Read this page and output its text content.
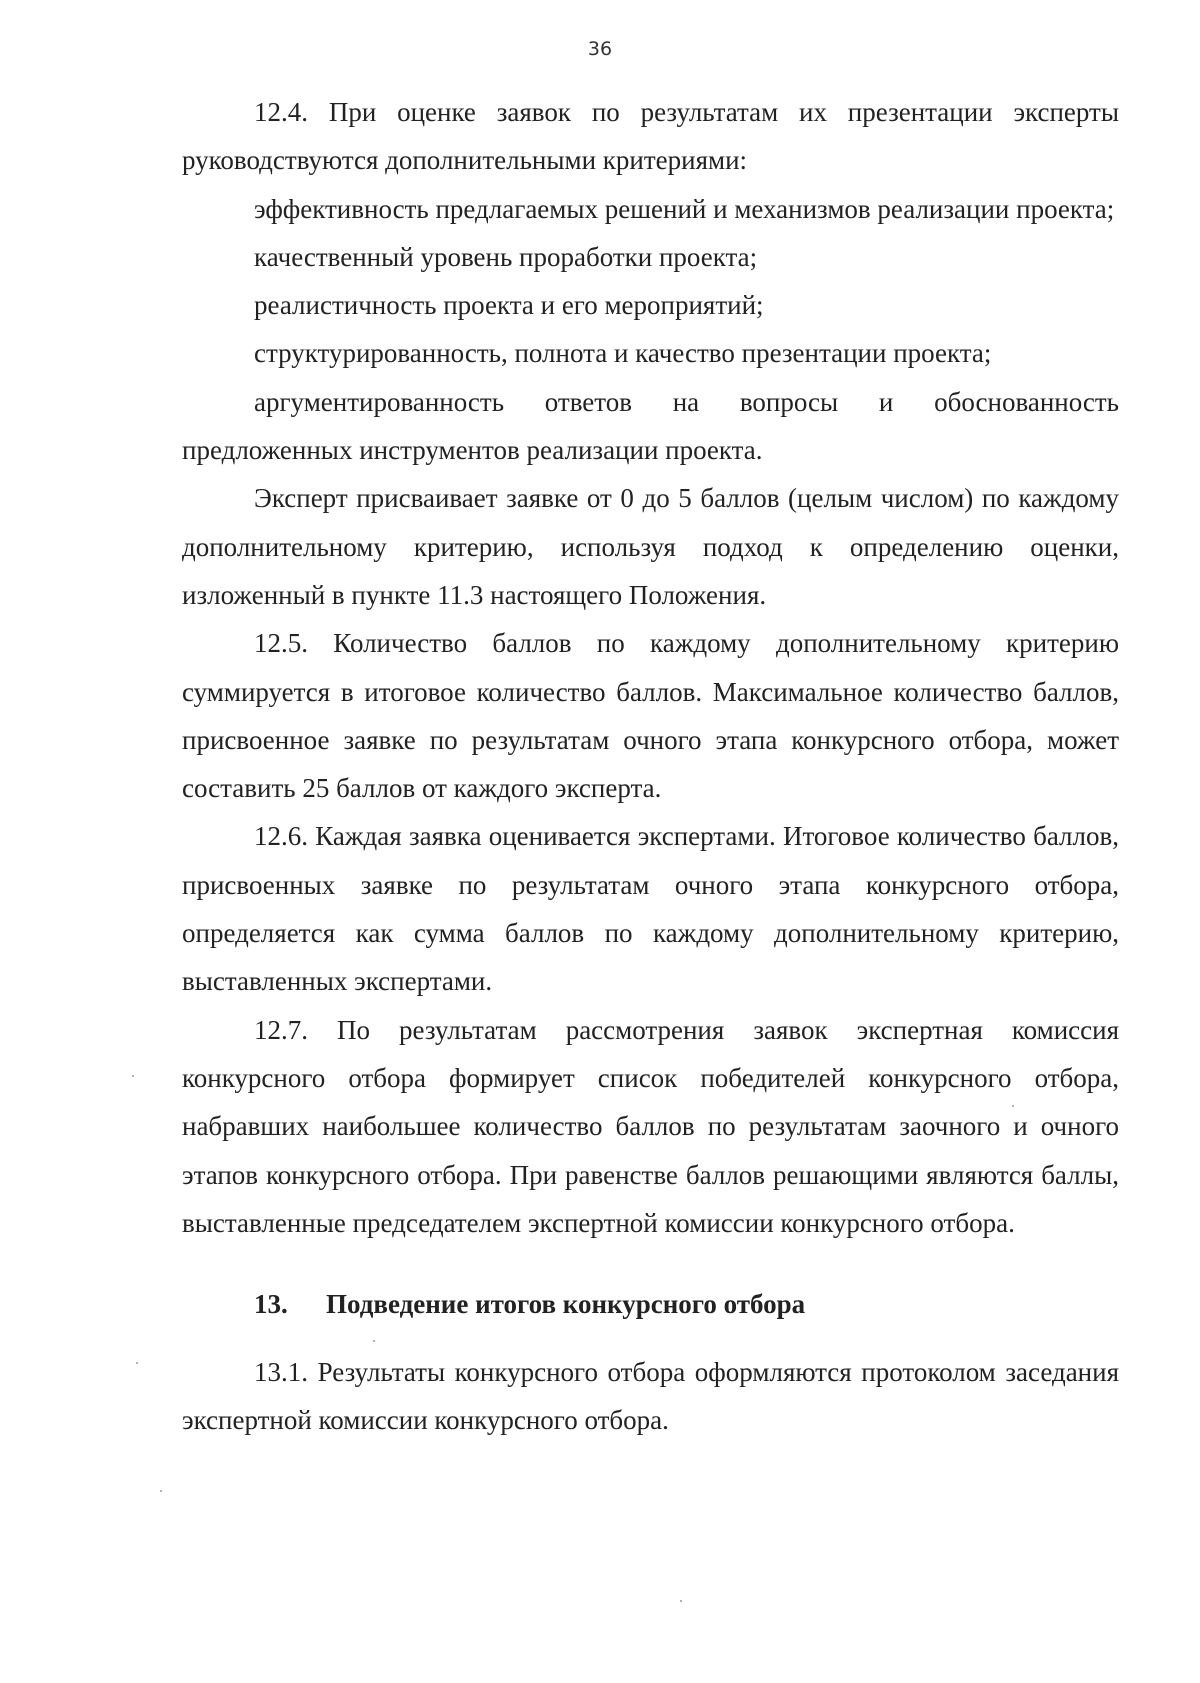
36

12.4. При оценке заявок по результатам их презентации эксперты руководствуются дополнительными критериями:

эффективность предлагаемых решений и механизмов реализации проекта;

качественный уровень проработки проекта;

реалистичность проекта и его мероприятий;

структурированность, полнота и качество презентации проекта;

аргументированность ответов на вопросы и обоснованность предложенных инструментов реализации проекта.

Эксперт присваивает заявке от 0 до 5 баллов (целым числом) по каждому дополнительному критерию, используя подход к определению оценки, изложенный в пункте 11.3 настоящего Положения.

12.5. Количество баллов по каждому дополнительному критерию суммируется в итоговое количество баллов. Максимальное количество баллов, присвоенное заявке по результатам очного этапа конкурсного отбора, может составить 25 баллов от каждого эксперта.

12.6. Каждая заявка оценивается экспертами. Итоговое количество баллов, присвоенных заявке по результатам очного этапа конкурсного отбора, определяется как сумма баллов по каждому дополнительному критерию, выставленных экспертами.

12.7. По результатам рассмотрения заявок экспертная комиссия конкурсного отбора формирует список победителей конкурсного отбора, набравших наибольшее количество баллов по результатам заочного и очного этапов конкурсного отбора. При равенстве баллов решающими являются баллы, выставленные председателем экспертной комиссии конкурсного отбора.

13. Подведение итогов конкурсного отбора

13.1. Результаты конкурсного отбора оформляются протоколом заседания экспертной комиссии конкурсного отбора.
